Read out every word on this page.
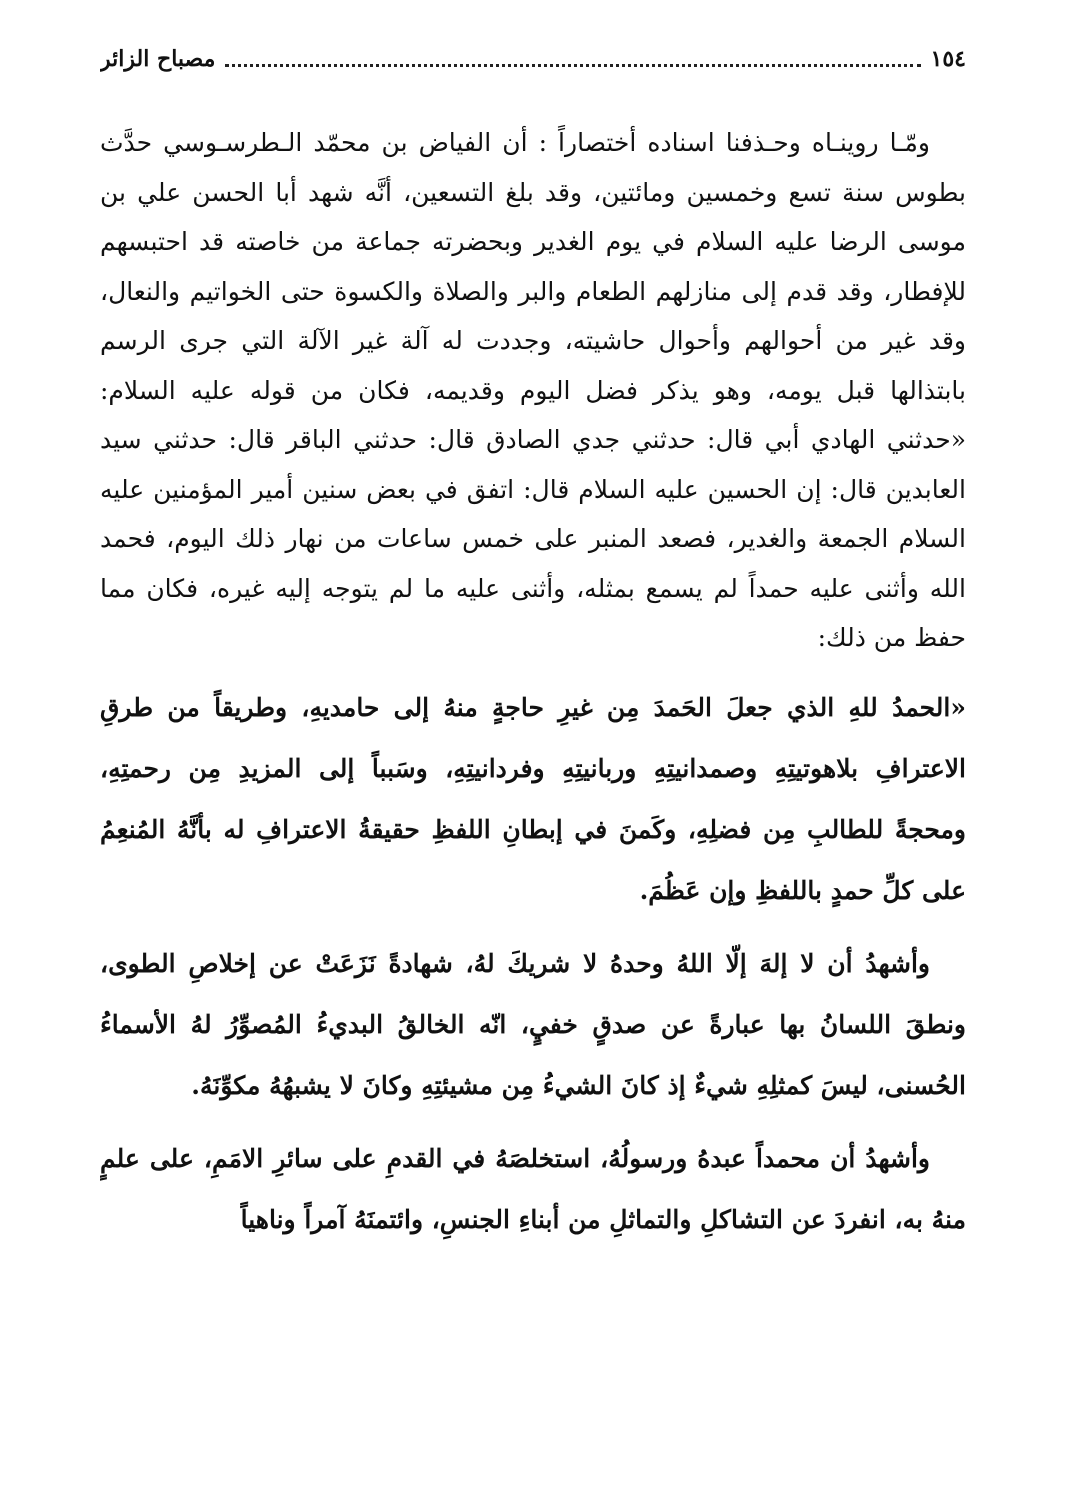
١٥٤
مصباح الزائر

ومّـا روينـاه وحـذفنا اسناده أختصاراً : أن الفياض بن محمّد الـطرسـوسي حدَّث بطوس سنة تسع وخمسين ومائتين، وقد بلغ التسعين، أنَّه شهد أبا الحسن علي بن موسى الرضا عليه السلام في يوم الغدير وبحضرته جماعة من خاصته قد احتبسهم للإفطار، وقد قدم إلى منازلهم الطعام والبر والصلاة والكسوة حتى الخواتيم والنعال، وقد غير من أحوالهم وأحوال حاشيته، وجددت له آلة غير الآلة التي جرى الرسم بابتذالها قبل يومه، وهو يذكر فضل اليوم وقديمه، فكان من قوله عليه السلام: «حدثني الهادي أبي قال: حدثني جدي الصادق قال: حدثني الباقر قال: حدثني سيد العابدين قال: إن الحسين عليه السلام قال: اتفق في بعض سنين أمير المؤمنين عليه السلام الجمعة والغدير، فصعد المنبر على خمس ساعات من نهار ذلك اليوم، فحمد الله وأثنى عليه حمداً لم يسمع بمثله، وأثنى عليه ما لم يتوجه إليه غيره، فكان مما حفظ من ذلك:

«الحمدُ للهِ الذي جعلَ الحَمدَ مِن غيرِ حاجةٍ منهُ إلى حامديهِ، وطريقاً من طرقِ الاعترافِ بلاهوتيتِهِ وصمدانيتِهِ وربانيتِهِ وفردانيتِهِ، وسَبباً إلى المزيدِ مِن رحمتِهِ، ومحجةً للطالبِ مِن فضلِهِ، وكَمنَ في إبطانِ اللفظِ حقيقةُ الاعترافِ له بأنَّهُ المُنعِمُ على كلِّ حمدٍ باللفظِ وإن عَظُمَ.

وأشهدُ أن لا إلهَ إلّا اللهُ وحدهُ لا شريكَ لهُ، شهادةً نَزَعَتْ عن إخلاصِ الطوى، ونطقَ اللسانُ بها عبارةً عن صدقٍ خفيٍ، انّه الخالقُ البديءُ المُصوِّرُ لهُ الأسماءُ الحُسنى، ليسَ كمثلِهِ شيءٌ إذ كانَ الشيءُ مِن مشيئتِهِ وكانَ لا يشبهُهُ مكوِّنَهُ.

وأشهدُ أن محمداً عبدهُ ورسولُهُ، استخلصَهُ في القدمِ على سائرِ الامَمِ، على علمٍ منهُ به، انفردَ عن التشاكلِ والتماثلِ من أبناءِ الجنسِ، وائتمنَهُ آمراً وناهياً
